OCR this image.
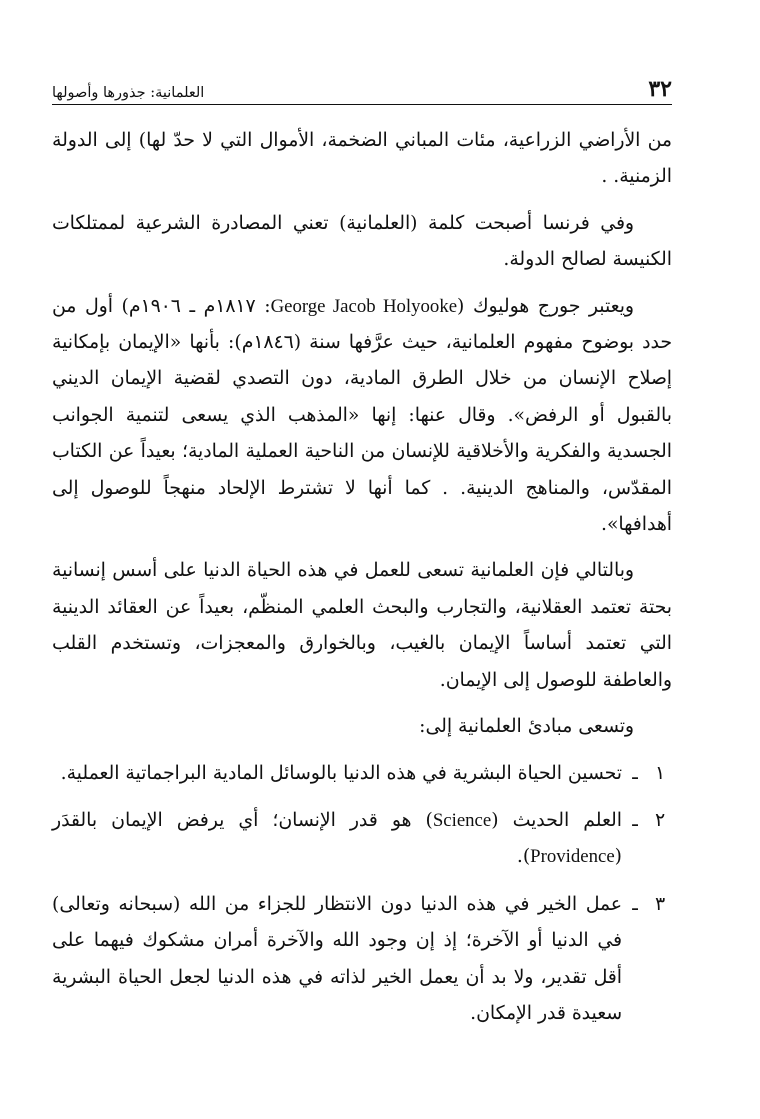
٣٢
العلمانية: جذورها وأصولها

من الأراضي الزراعية، مئات المباني الضخمة، الأموال التي لا حدّ لها) إلى الدولة الزمنية. .

وفي فرنسا أصبحت كلمة (العلمانية) تعني المصادرة الشرعية لممتلكات الكنيسة لصالح الدولة.

ويعتبر جورج هوليوك (George Jacob Holyooke: ١٨١٧م ـ ١٩٠٦م) أول من حدد بوضوح مفهوم العلمانية، حيث عرَّفها سنة (١٨٤٦م): بأنها «الإيمان بإمكانية إصلاح الإنسان من خلال الطرق المادية، دون التصدي لقضية الإيمان الديني بالقبول أو الرفض». وقال عنها: إنها «المذهب الذي يسعى لتنمية الجوانب الجسدية والفكرية والأخلاقية للإنسان من الناحية العملية المادية؛ بعيداً عن الكتاب المقدّس، والمناهج الدينية. . كما أنها لا تشترط الإلحاد منهجاً للوصول إلى أهدافها».

وبالتالي فإن العلمانية تسعى للعمل في هذه الحياة الدنيا على أسس إنسانية بحتة تعتمد العقلانية، والتجارب والبحث العلمي المنظّم، بعيداً عن العقائد الدينية التي تعتمد أساساً الإيمان بالغيب، وبالخوارق والمعجزات، وتستخدم القلب والعاطفة للوصول إلى الإيمان.

وتسعى مبادئ العلمانية إلى:

١
ـ
تحسين الحياة البشرية في هذه الدنيا بالوسائل المادية البراجماتية العملية.
٢
ـ
العلم الحديث (Science) هو قدر الإنسان؛ أي يرفض الإيمان بالقدَر (Providence).
٣
ـ
عمل الخير في هذه الدنيا دون الانتظار للجزاء من الله (سبحانه وتعالى) في الدنيا أو الآخرة؛ إذ إن وجود الله والآخرة أمران مشكوك فيهما على أقل تقدير، ولا بد أن يعمل الخير لذاته في هذه الدنيا لجعل الحياة البشرية سعيدة قدر الإمكان.
